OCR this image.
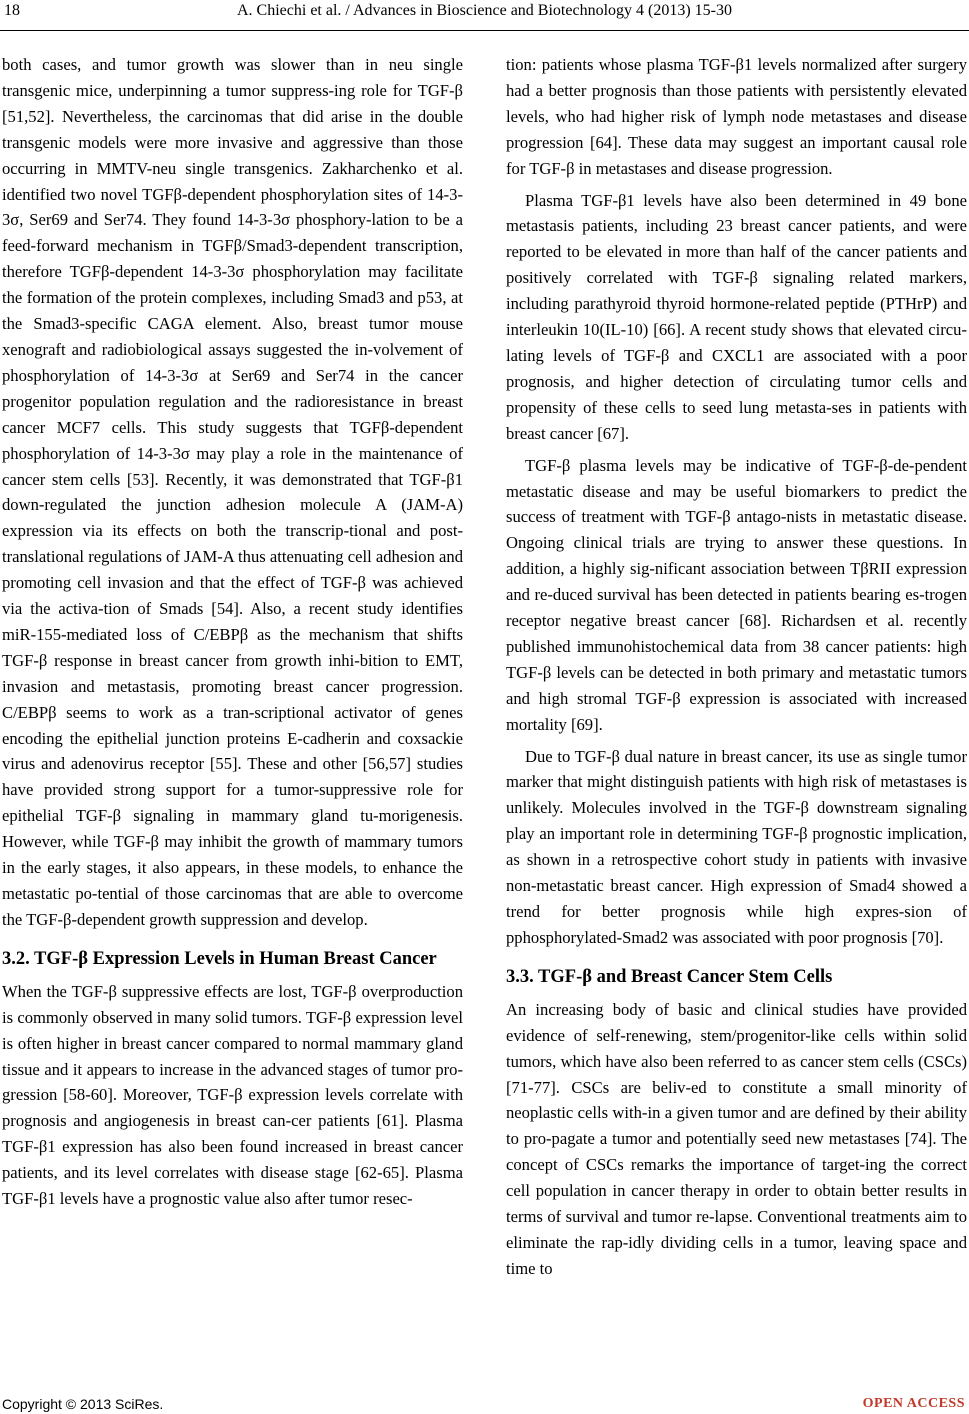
18	A. Chiechi et al. / Advances in Bioscience and Biotechnology 4 (2013) 15-30

both cases, and tumor growth was slower than in neu single transgenic mice, underpinning a tumor suppress-ing role for TGF-β [51,52]. Nevertheless, the carcinomas that did arise in the double transgenic models were more invasive and aggressive than those occurring in MMTV-neu single transgenics. Zakharchenko et al. identified two novel TGFβ-dependent phosphorylation sites of 14-3-3σ, Ser69 and Ser74. They found 14-3-3σ phosphory-lation to be a feed-forward mechanism in TGFβ/Smad3-dependent transcription, therefore TGFβ-dependent 14-3-3σ phosphorylation may facilitate the formation of the protein complexes, including Smad3 and p53, at the Smad3-specific CAGA element. Also, breast tumor mouse xenograft and radiobiological assays suggested the in-volvement of phosphorylation of 14-3-3σ at Ser69 and Ser74 in the cancer progenitor population regulation and the radioresistance in breast cancer MCF7 cells. This study suggests that TGFβ-dependent phosphorylation of 14-3-3σ may play a role in the maintenance of cancer stem cells [53]. Recently, it was demonstrated that TGF-β1 down-regulated the junction adhesion molecule A (JAM-A) expression via its effects on both the transcrip-tional and post-translational regulations of JAM-A thus attenuating cell adhesion and promoting cell invasion and that the effect of TGF-β was achieved via the activa-tion of Smads [54]. Also, a recent study identifies miR-155-mediated loss of C/EBPβ as the mechanism that shifts TGF-β response in breast cancer from growth inhi-bition to EMT, invasion and metastasis, promoting breast cancer progression. C/EBPβ seems to work as a tran-scriptional activator of genes encoding the epithelial junction proteins E-cadherin and coxsackie virus and adenovirus receptor [55]. These and other [56,57] studies have provided strong support for a tumor-suppressive role for epithelial TGF-β signaling in mammary gland tu-morigenesis. However, while TGF-β may inhibit the growth of mammary tumors in the early stages, it also appears, in these models, to enhance the metastatic po-tential of those carcinomas that are able to overcome the TGF-β-dependent growth suppression and develop.

3.2. TGF-β Expression Levels in Human Breast Cancer

When the TGF-β suppressive effects are lost, TGF-β overproduction is commonly observed in many solid tumors. TGF-β expression level is often higher in breast cancer compared to normal mammary gland tissue and it appears to increase in the advanced stages of tumor pro-gression [58-60]. Moreover, TGF-β expression levels correlate with prognosis and angiogenesis in breast can-cer patients [61]. Plasma TGF-β1 expression has also been found increased in breast cancer patients, and its level correlates with disease stage [62-65]. Plasma TGF-β1 levels have a prognostic value also after tumor resec-

tion: patients whose plasma TGF-β1 levels normalized after surgery had a better prognosis than those patients with persistently elevated levels, who had higher risk of lymph node metastases and disease progression [64]. These data may suggest an important causal role for TGF-β in metastases and disease progression.

Plasma TGF-β1 levels have also been determined in 49 bone metastasis patients, including 23 breast cancer patients, and were reported to be elevated in more than half of the cancer patients and positively correlated with TGF-β signaling related markers, including parathyroid thyroid hormone-related peptide (PTHrP) and interleukin 10(IL-10) [66]. A recent study shows that elevated circu-lating levels of TGF-β and CXCL1 are associated with a poor prognosis, and higher detection of circulating tumor cells and propensity of these cells to seed lung metasta-ses in patients with breast cancer [67].

TGF-β plasma levels may be indicative of TGF-β-de-pendent metastatic disease and may be useful biomarkers to predict the success of treatment with TGF-β antago-nists in metastatic disease. Ongoing clinical trials are trying to answer these questions. In addition, a highly sig-nificant association between TβRII expression and re-duced survival has been detected in patients bearing es-trogen receptor negative breast cancer [68]. Richardsen et al. recently published immunohistochemical data from 38 cancer patients: high TGF-β levels can be detected in both primary and metastatic tumors and high stromal TGF-β expression is associated with increased mortality [69].

Due to TGF-β dual nature in breast cancer, its use as single tumor marker that might distinguish patients with high risk of metastases is unlikely. Molecules involved in the TGF-β downstream signaling play an important role in determining TGF-β prognostic implication, as shown in a retrospective cohort study in patients with invasive non-metastatic breast cancer. High expression of Smad4 showed a trend for better prognosis while high expres-sion of pphosphorylated-Smad2 was associated with poor prognosis [70].

3.3. TGF-β and Breast Cancer Stem Cells

An increasing body of basic and clinical studies have provided evidence of self-renewing, stem/progenitor-like cells within solid tumors, which have also been referred to as cancer stem cells (CSCs) [71-77]. CSCs are beliv-ed to constitute a small minority of neoplastic cells with-in a given tumor and are defined by their ability to pro-pagate a tumor and potentially seed new metastases [74]. The concept of CSCs remarks the importance of target-ing the correct cell population in cancer therapy in order to obtain better results in terms of survival and tumor re-lapse. Conventional treatments aim to eliminate the rap-idly dividing cells in a tumor, leaving space and time to

Copyright © 2013 SciRes.	OPEN ACCESS
